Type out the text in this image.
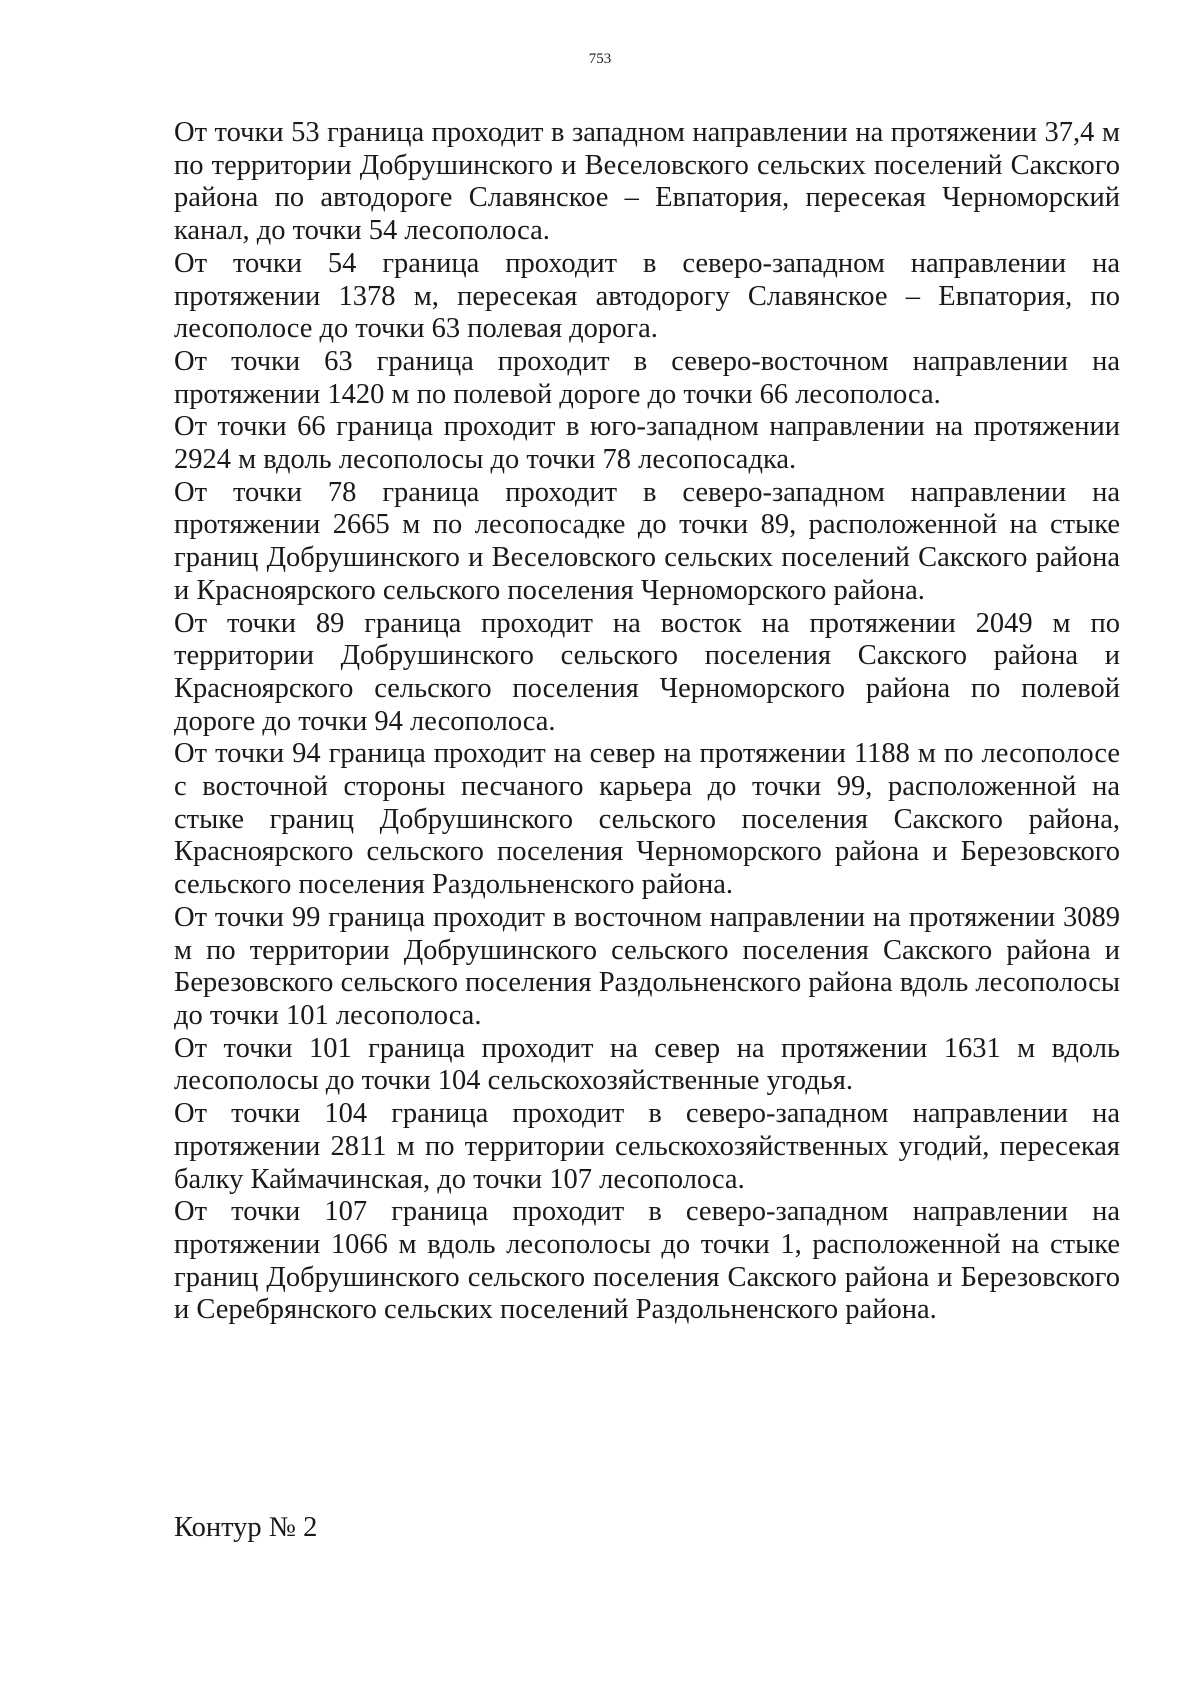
753

От точки 53 граница проходит в западном направлении на протяжении 37,4 м по территории Добрушинского и Веселовского сельских поселений Сакского района по автодороге Славянское – Евпатория, пересекая Черноморский канал, до точки 54 лесополоса.

От точки 54 граница проходит в северо-западном направлении на протяжении 1378 м, пересекая автодорогу Славянское – Евпатория, по лесополосе до точки 63 полевая дорога.

От точки 63 граница проходит в северо-восточном направлении на протяжении 1420 м по полевой дороге до точки 66 лесополоса.

От точки 66 граница проходит в юго-западном направлении на протяжении 2924 м вдоль лесополосы до точки 78 лесопосадка.

От точки 78 граница проходит в северо-западном направлении на протяжении 2665 м по лесопосадке до точки 89, расположенной на стыке границ Добрушинского и Веселовского сельских поселений Сакского района и Красноярского сельского поселения Черноморского района.

От точки 89 граница проходит на восток на протяжении 2049 м по территории Добрушинского сельского поселения Сакского района и Красноярского сельского поселения Черноморского района по полевой дороге до точки 94 лесополоса.

От точки 94 граница проходит на север на протяжении 1188 м по лесополосе с восточной стороны песчаного карьера до точки 99, расположенной на стыке границ Добрушинского сельского поселения Сакского района, Красноярского сельского поселения Черноморского района и Березовского сельского поселения Раздольненского района.

От точки 99 граница проходит в восточном направлении на протяжении 3089 м по территории Добрушинского сельского поселения Сакского района и Березовского сельского поселения Раздольненского района вдоль лесополосы до точки 101 лесополоса.

От точки 101 граница проходит на север на протяжении 1631 м вдоль лесополосы до точки 104 сельскохозяйственные угодья.

От точки 104 граница проходит в северо-западном направлении на протяжении 2811 м по территории сельскохозяйственных угодий, пересекая балку Каймачинская, до точки 107 лесополоса.

От точки 107 граница проходит в северо-западном направлении на протяжении 1066 м вдоль лесополосы до точки 1, расположенной на стыке границ Добрушинского сельского поселения Сакского района и Березовского и Серебрянского сельских поселений Раздольненского района.

Контур № 2
